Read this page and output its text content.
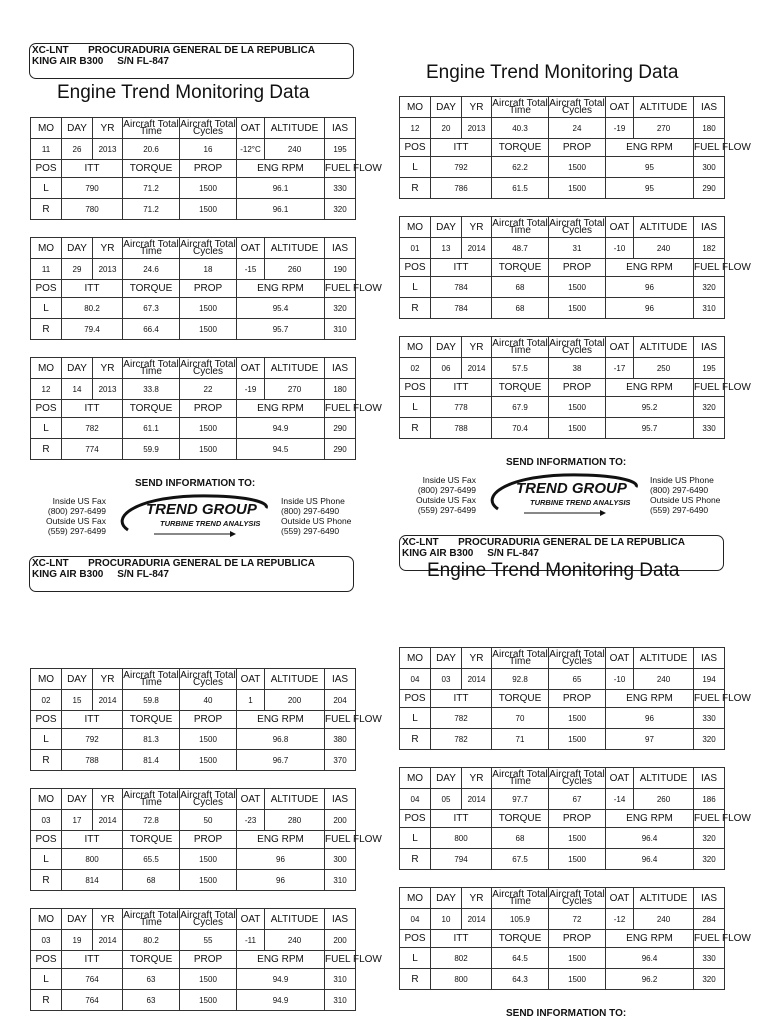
XC-LNT PROCURADURIA GENERAL DE LA REPUBLICA
KING AIR B300 S/N FL-847
Engine Trend Monitoring Data
Engine Trend Monitoring Data
MO	DAY	YR	Aircraft Total Time	Aircraft Total Cycles	OAT	ALTITUDE	IAS
11	26	2013	20.6	16	-12°C	240	195
POS	ITT		TORQUE	PROP	ENG RPM		FUEL FLOW
L	790		71.2	1500	96.1		330
R	780		71.2	1500	96.1		320
MO	DAY	YR	Aircraft Total Time	Aircraft Total Cycles	OAT	ALTITUDE	IAS
11	29	2013	24.6	18	-15	260	190
POS	ITT		TORQUE	PROP	ENG RPM		FUEL FLOW
L	80.2		67.3	1500	95.4		320
R	79.4		66.4	1500	95.7		310
MO	DAY	YR	Aircraft Total Time	Aircraft Total Cycles	OAT	ALTITUDE	IAS
12	14	2013	33.8	22	-19	270	180
POS	ITT		TORQUE	PROP	ENG RPM		FUEL FLOW
L	782		61.1	1500	94.9		290
R	774		59.9	1500	94.5		290
MO	DAY	YR	Aircraft Total Time	Aircraft Total Cycles	OAT	ALTITUDE	IAS
12	20	2013	40.3	24	-19	270	180
POS	ITT		TORQUE	PROP	ENG RPM		FUEL FLOW
L	792		62.2	1500	95		300
R	786		61.5	1500	95		290
MO	DAY	YR	Aircraft Total Time	Aircraft Total Cycles	OAT	ALTITUDE	IAS
01	13	2014	48.7	31	-10	240	182
POS	ITT		TORQUE	PROP	ENG RPM		FUEL FLOW
L	784		68	1500	96		320
R	784		68	1500	96		310
MO	DAY	YR	Aircraft Total Time	Aircraft Total Cycles	OAT	ALTITUDE	IAS
02	06	2014	57.5	38	-17	250	195
POS	ITT		TORQUE	PROP	ENG RPM		FUEL FLOW
L	778		67.9	1500	95.2		320
R	788		70.4	1500	95.7		330
MO	DAY	YR	Aircraft Total Time	Aircraft Total Cycles	OAT	ALTITUDE	IAS
02	15	2014	59.8	40	1	200	204
POS	ITT		TORQUE	PROP	ENG RPM		FUEL FLOW
L	792		81.3	1500	96.8		380
R	788		81.4	1500	96.7		370
MO	DAY	YR	Aircraft Total Time	Aircraft Total Cycles	OAT	ALTITUDE	IAS
03	17	2014	72.8	50	-23	280	200
POS	ITT		TORQUE	PROP	ENG RPM		FUEL FLOW
L	800		65.5	1500	96		300
R	814		68	1500	96		310
MO	DAY	YR	Aircraft Total Time	Aircraft Total Cycles	OAT	ALTITUDE	IAS
03	19	2014	80.2	55	-11	240	200
POS	ITT		TORQUE	PROP	ENG RPM		FUEL FLOW
L	764		63	1500	94.9		310
R	764		63	1500	94.9		310
MO	DAY	YR	Aircraft Total Time	Aircraft Total Cycles	OAT	ALTITUDE	IAS
04	03	2014	92.8	65	-10	240	194
POS	ITT		TORQUE	PROP	ENG RPM		FUEL FLOW
L	782		70	1500	96		330
R	782		71	1500	97		320
MO	DAY	YR	Aircraft Total Time	Aircraft Total Cycles	OAT	ALTITUDE	IAS
04	05	2014	97.7	67	-14	260	186
POS	ITT		TORQUE	PROP	ENG RPM		FUEL FLOW
L	800		68	1500	96.4		320
R	794		67.5	1500	96.4		320
MO	DAY	YR	Aircraft Total Time	Aircraft Total Cycles	OAT	ALTITUDE	IAS
04	10	2014	105.9	72	-12	240	284
POS	ITT		TORQUE	PROP	ENG RPM		FUEL FLOW
L	802		64.5	1500	96.4		330
R	800		64.3	1500	96.2		320
SEND INFORMATION TO:
Inside US Fax
(800) 297-6499
Outside US Fax
(559) 297-6499
TREND GROUP
TURBINE TREND ANALYSIS
Inside US Phone
(800) 297-6490
Outside US Phone
(559) 297-6490
XC-LNT PROCURADURIA GENERAL DE LA REPUBLICA
KING AIR B300 S/N FL-847
SEND INFORMATION TO:
Inside US Fax
(800) 297-6499
Outside US Fax
(559) 297-6499
TREND GROUP
TURBINE TREND ANALYSIS
Inside US Phone
(800) 297-6490
Outside US Phone
(559) 297-6490
XC-LNT PROCURADURIA GENERAL DE LA REPUBLICA
KING AIR B300 S/N FL-847
Engine Trend Monitoring Data
SEND INFORMATION TO:
